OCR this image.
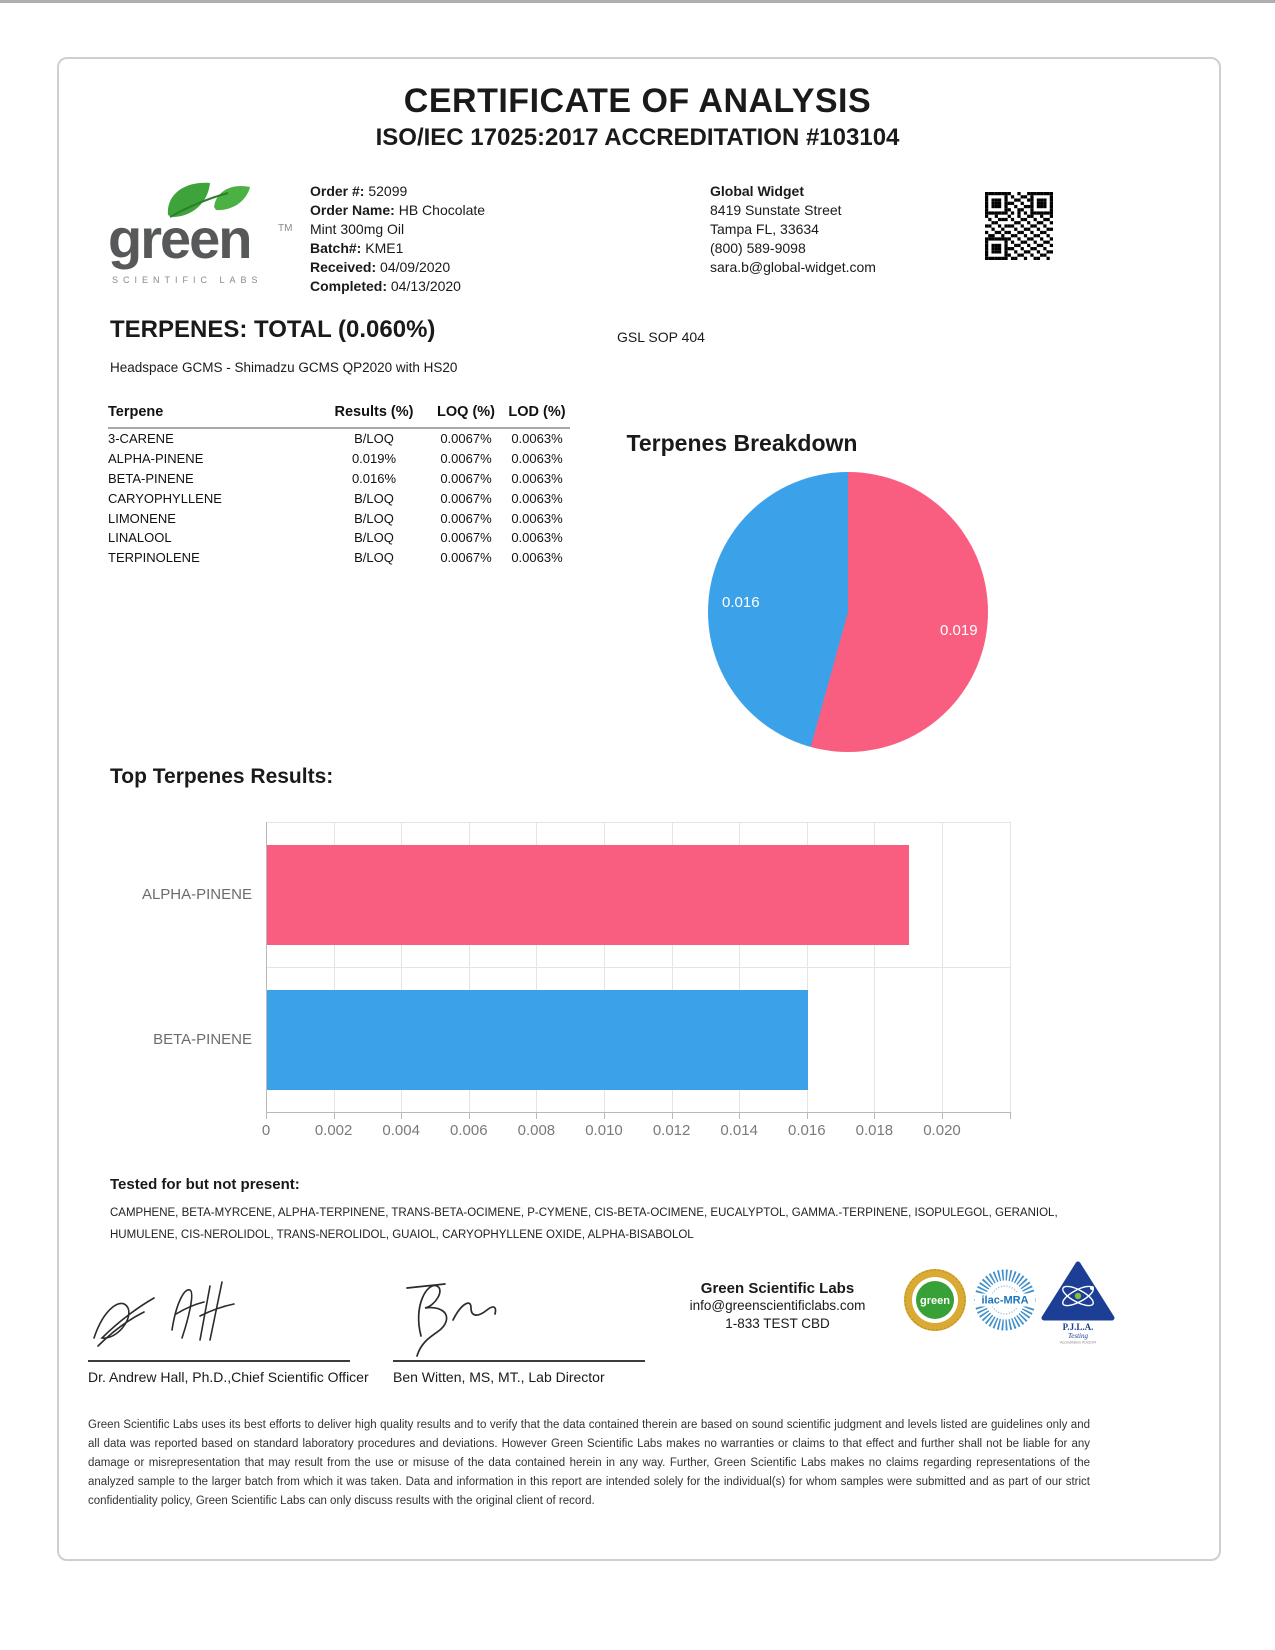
CERTIFICATE OF ANALYSIS
ISO/IEC 17025:2017 ACCREDITATION #103104
green	TM
SCIENTIFIC LABS
Order #: 52099
Order Name: HB Chocolate Mint 300mg Oil
Batch#: KME1
Received: 04/09/2020
Completed: 04/13/2020
Global Widget
8419 Sunstate Street
Tampa FL, 33634
(800) 589-9098
sara.b@global-widget.com
TERPENES: TOTAL (0.060%)	GSL SOP 404
Headspace GCMS - Shimadzu GCMS QP2020 with HS20
Terpene	Results (%)	LOQ (%)	LOD (%)
3-CARENE	B/LOQ	0.0067%	0.0063%
ALPHA-PINENE	0.019%	0.0067%	0.0063%
BETA-PINENE	0.016%	0.0067%	0.0063%
CARYOPHYLLENE	B/LOQ	0.0067%	0.0063%
LIMONENE	B/LOQ	0.0067%	0.0063%
LINALOOL	B/LOQ	0.0067%	0.0063%
TERPINOLENE	B/LOQ	0.0067%	0.0063%
Terpenes Breakdown
0.019
0.016
Top Terpenes Results:
0	0.002	0.004	0.006	0.008	0.010	0.012	0.014	0.016	0.018	0.020
ALPHA-PINENE
BETA-PINENE
Tested for but not present:
CAMPHENE, BETA-MYRCENE, ALPHA-TERPINENE, TRANS-BETA-OCIMENE, P-CYMENE, CIS-BETA-OCIMENE, EUCALYPTOL, GAMMA.-TERPINENE, ISOPULEGOL, GERANIOL, HUMULENE, CIS-NEROLIDOL, TRANS-NEROLIDOL, GUAIOL, CARYOPHYLLENE OXIDE, ALPHA-BISABOLOL
Dr. Andrew Hall, Ph.D.,Chief Scientific Officer Ben Witten, MS, MT., Lab Director
Green Scientific Labs
info@greenscientificlabs.com
1-833 TEST CBD
green	ilac-MRA
P.J.L.A.
Testing
Accreditation #103104
Green Scientific Labs uses its best efforts to deliver high quality results and to verify that the data contained therein are based on sound scientific judgment and levels listed are guidelines only and all data was reported based on standard laboratory procedures and deviations. However Green Scientific Labs makes no warranties or claims to that effect and further shall not be liable for any damage or misrepresentation that may result from the use or misuse of the data contained herein in any way. Further, Green Scientific Labs makes no claims regarding representations of the analyzed sample to the larger batch from which it was taken. Data and information in this report are intended solely for the individual(s) for whom samples were submitted and as part of our strict confidentiality policy, Green Scientific Labs can only discuss results with the original client of record.
